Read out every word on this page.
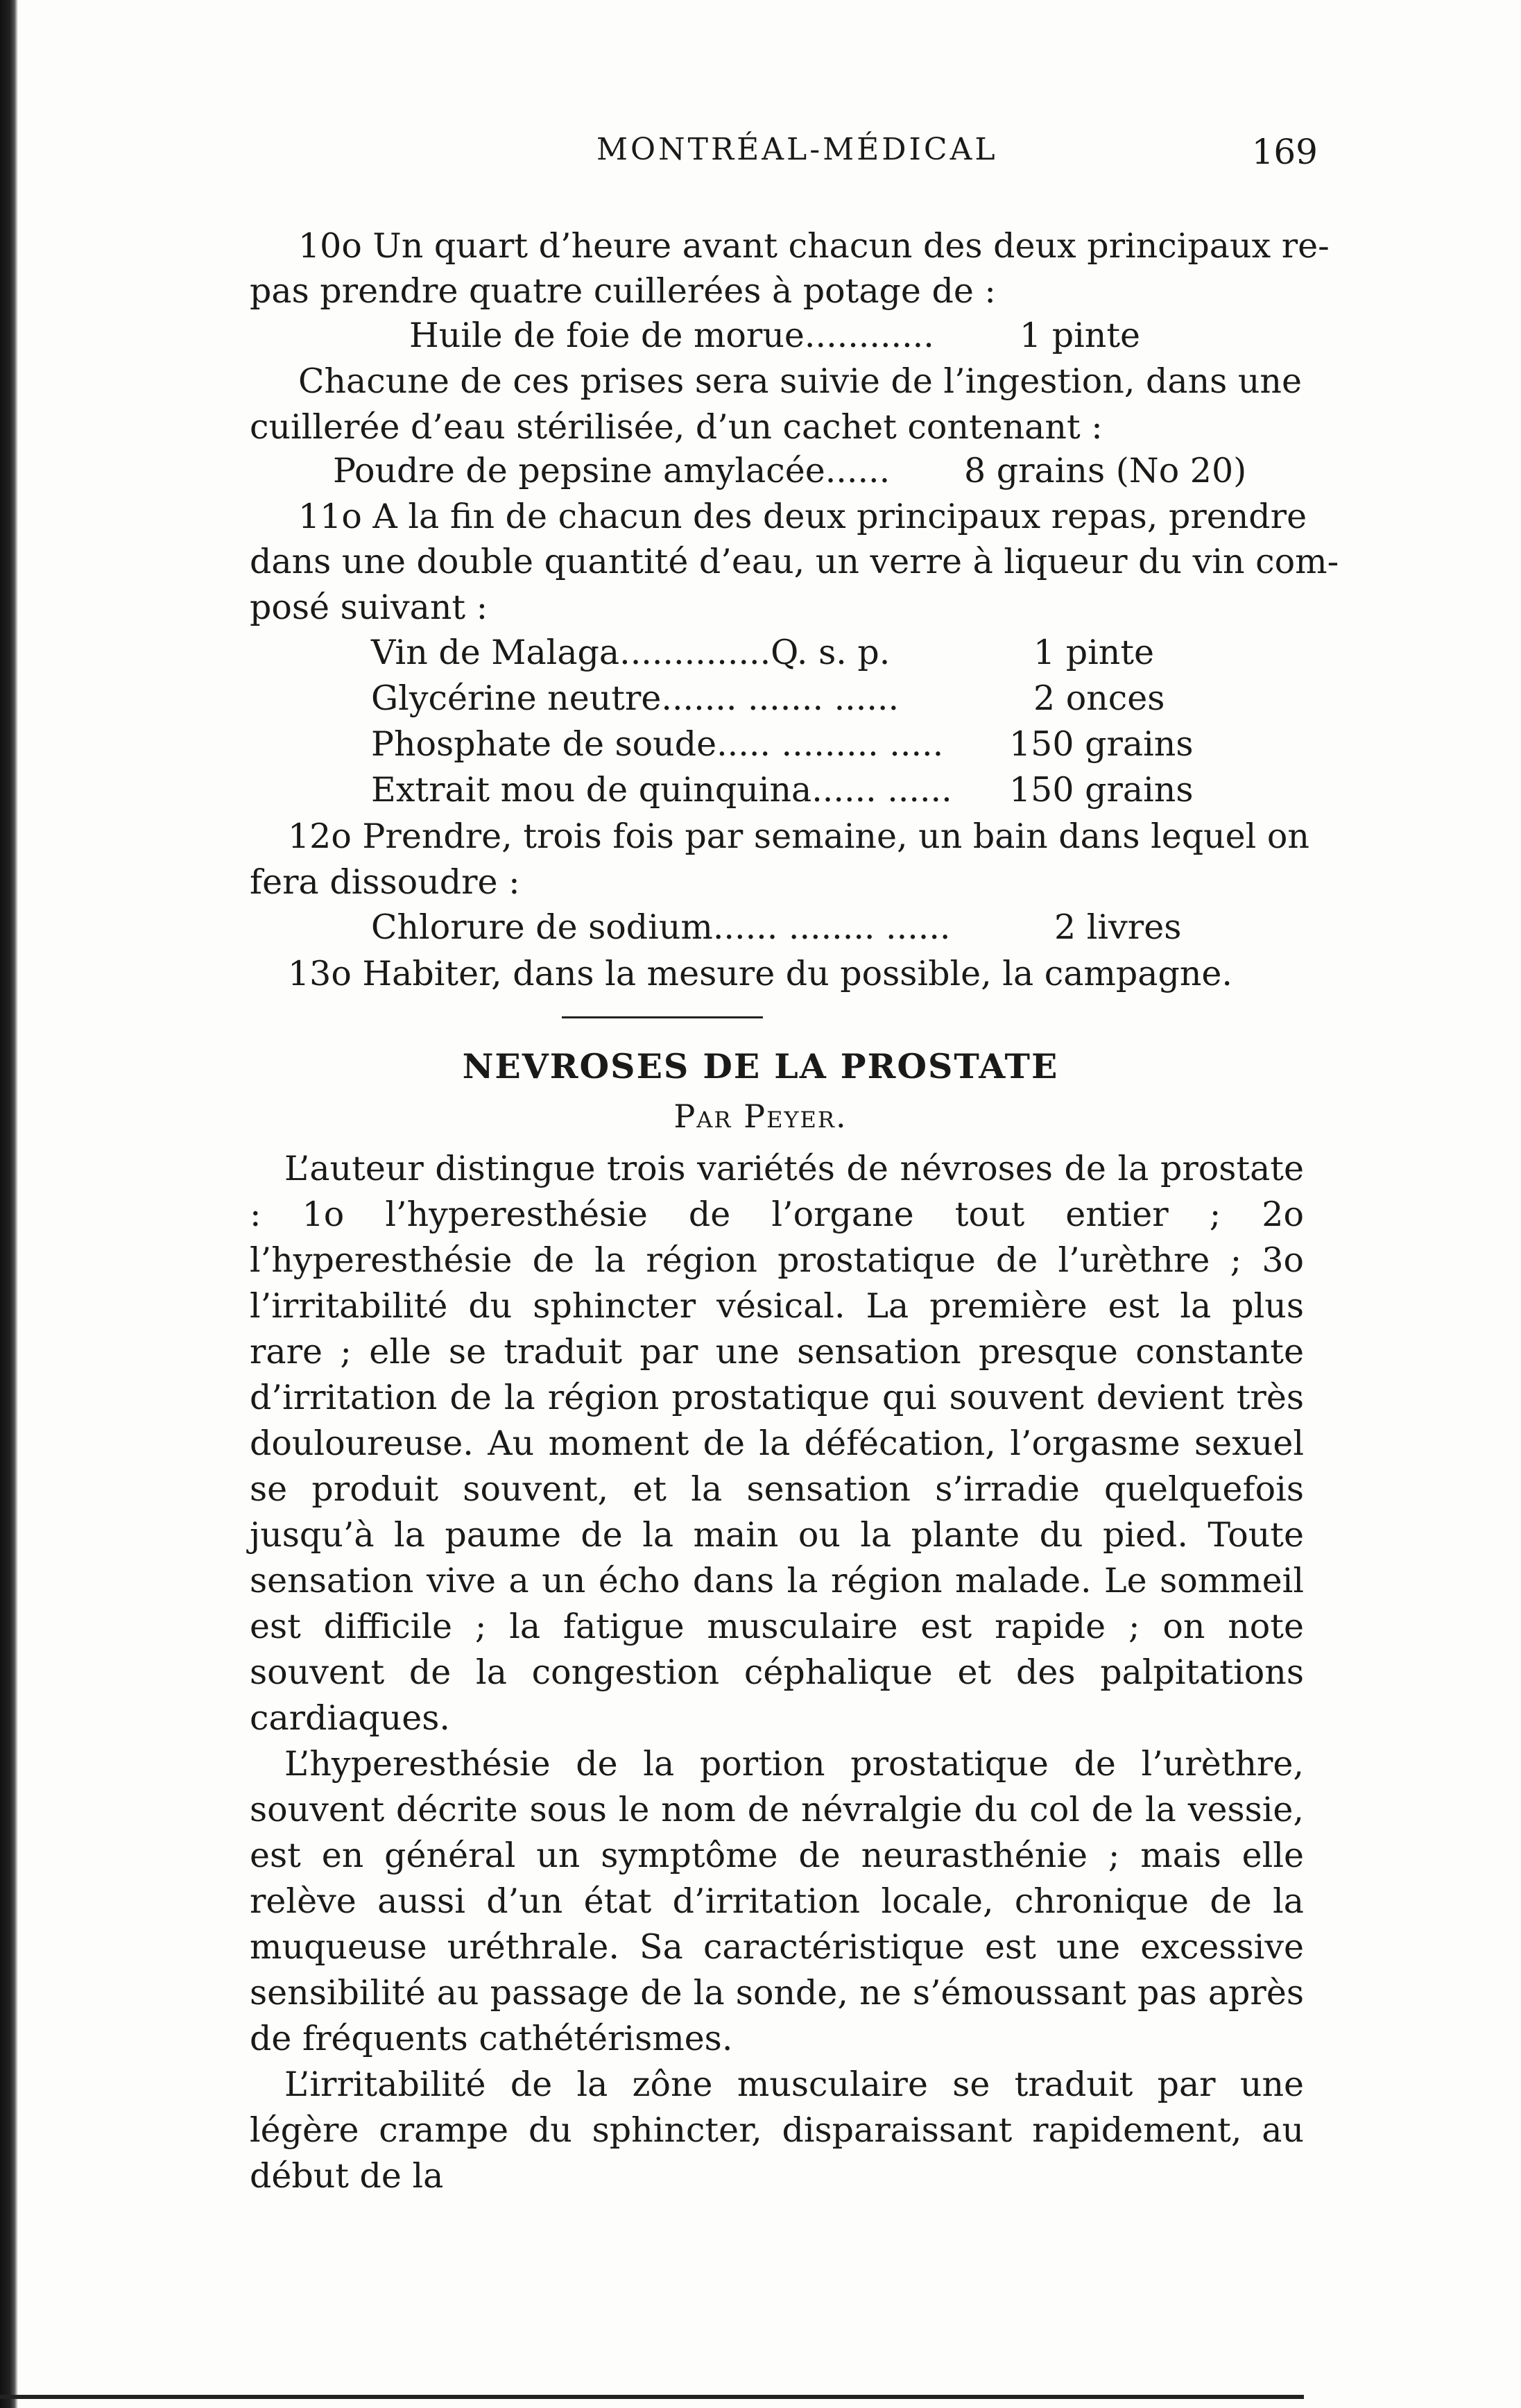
MONTRÉAL-MÉDICAL	169
10o Un quart d’heure avant chacun des deux principaux re-
pas prendre quatre cuillerées à potage de :
Huile de foie de morue............	1 pinte
Chacune de ces prises sera suivie de l’ingestion, dans une
cuillerée d’eau stérilisée, d’un cachet contenant :
Poudre de pepsine amylacée...... 8 grains (No 20)
11o A la fin de chacun des deux principaux repas, prendre
dans une double quantité d’eau, un verre à liqueur du vin com-
posé suivant :
Vin de Malaga..............Q. s. p.	1 pinte
Glycérine neutre....... ....... ......	2 onces
Phosphate de soude..... ......... ..... 150 grains
Extrait mou de quinquina...... ...... 150 grains
12o Prendre, trois fois par semaine, un bain dans lequel on
fera dissoudre :
Chlorure de sodium...... ........ ......	2 livres
13o Habiter, dans la mesure du possible, la campagne.
NEVROSES DE LA PROSTATE
Par Peyer.

L’auteur distingue trois variétés de névroses de la prostate : 1o l’hyperesthésie de l’organe tout entier ; 2o l’hyperesthésie de la région prostatique de l’urèthre ; 3o l’irritabilité du sphincter vésical. La première est la plus rare ; elle se traduit par une sensation presque constante d’irritation de la région prostatique qui souvent devient très douloureuse. Au moment de la défécation, l’orgasme sexuel se produit souvent, et la sensation s’irradie quelquefois jusqu’à la paume de la main ou la plante du pied. Toute sensation vive a un écho dans la région malade. Le sommeil est difficile ; la fatigue musculaire est rapide ; on note souvent de la congestion céphalique et des palpitations cardiaques.

L’hyperesthésie de la portion prostatique de l’urèthre, souvent décrite sous le nom de névralgie du col de la vessie, est en général un symptôme de neurasthénie ; mais elle relève aussi d’un état d’irritation locale, chronique de la muqueuse uréthrale. Sa caractéristique est une excessive sensibilité au passage de la sonde, ne s’émoussant pas après de fréquents cathétérismes.

L’irritabilité de la zône musculaire se traduit par une légère crampe du sphincter, disparaissant rapidement, au début de la
